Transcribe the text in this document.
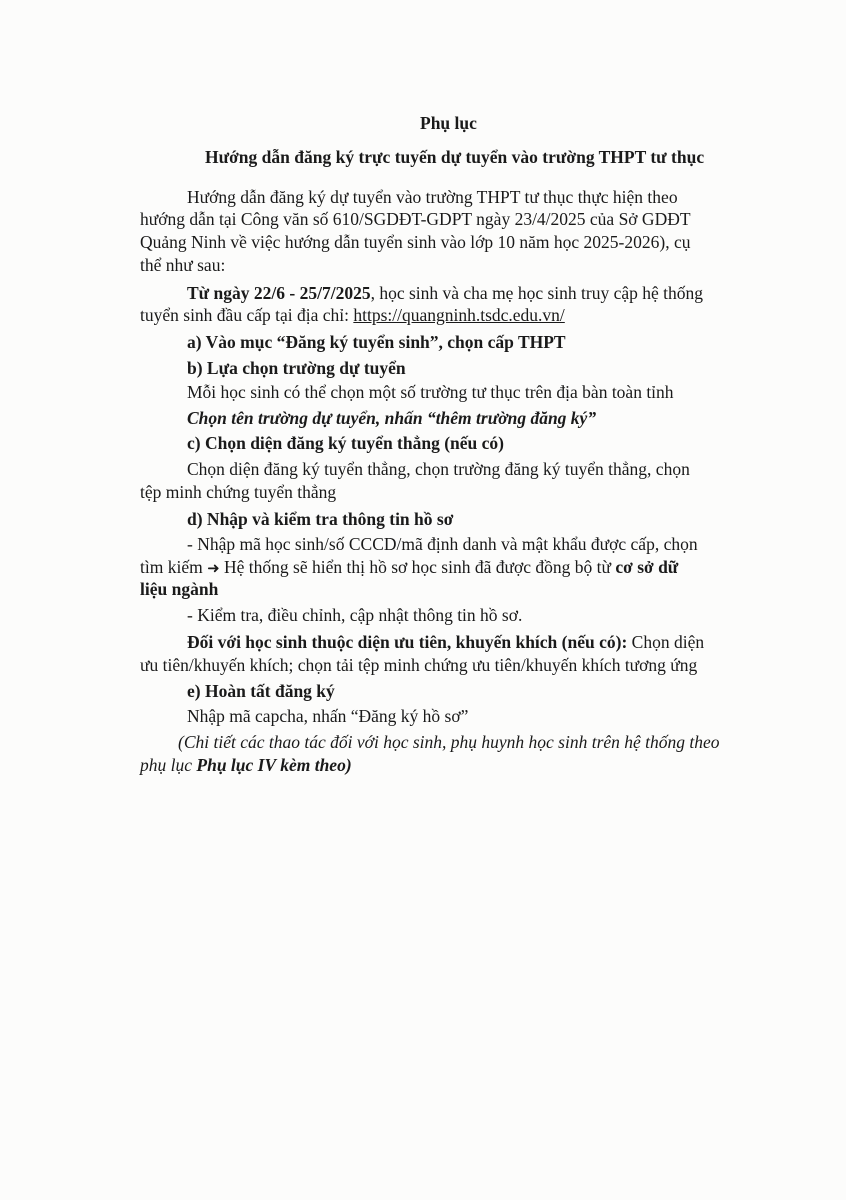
Phụ lục
Hướng dẫn đăng ký trực tuyến dự tuyển vào trường THPT tư thục
Hướng dẫn đăng ký dự tuyển vào trường THPT tư thục thực hiện theo
hướng dẫn tại Công văn số 610/SGDĐT-GDPT ngày 23/4/2025 của Sở GDĐT
Quảng Ninh về việc hướng dẫn tuyển sinh vào lớp 10 năm học 2025-2026), cụ
thể như sau:
Từ ngày 22/6 - 25/7/2025, học sinh và cha mẹ học sinh truy cập hệ thống
tuyển sinh đầu cấp tại địa chỉ: https://quangninh.tsdc.edu.vn/
a) Vào mục “Đăng ký tuyển sinh”, chọn cấp THPT
b) Lựa chọn trường dự tuyển
Mỗi học sinh có thể chọn một số trường tư thục trên địa bàn toàn tỉnh
Chọn tên trường dự tuyển, nhấn “thêm trường đăng ký”
c) Chọn diện đăng ký tuyển thẳng (nếu có)
Chọn diện đăng ký tuyển thẳng, chọn trường đăng ký tuyển thẳng, chọn
tệp minh chứng tuyển thẳng
d) Nhập và kiểm tra thông tin hồ sơ
- Nhập mã học sinh/số CCCD/mã định danh và mật khẩu được cấp, chọn
tìm kiếm ➜ Hệ thống sẽ hiển thị hồ sơ học sinh đã được đồng bộ từ cơ sở dữ
liệu ngành
- Kiểm tra, điều chỉnh, cập nhật thông tin hồ sơ.
Đối với học sinh thuộc diện ưu tiên, khuyến khích (nếu có): Chọn diện
ưu tiên/khuyến khích; chọn tải tệp minh chứng ưu tiên/khuyến khích tương ứng
e) Hoàn tất đăng ký
Nhập mã capcha, nhấn “Đăng ký hồ sơ”
(Chi tiết các thao tác đối với học sinh, phụ huynh học sinh trên hệ thống theo
phụ lục Phụ lục IV kèm theo)
